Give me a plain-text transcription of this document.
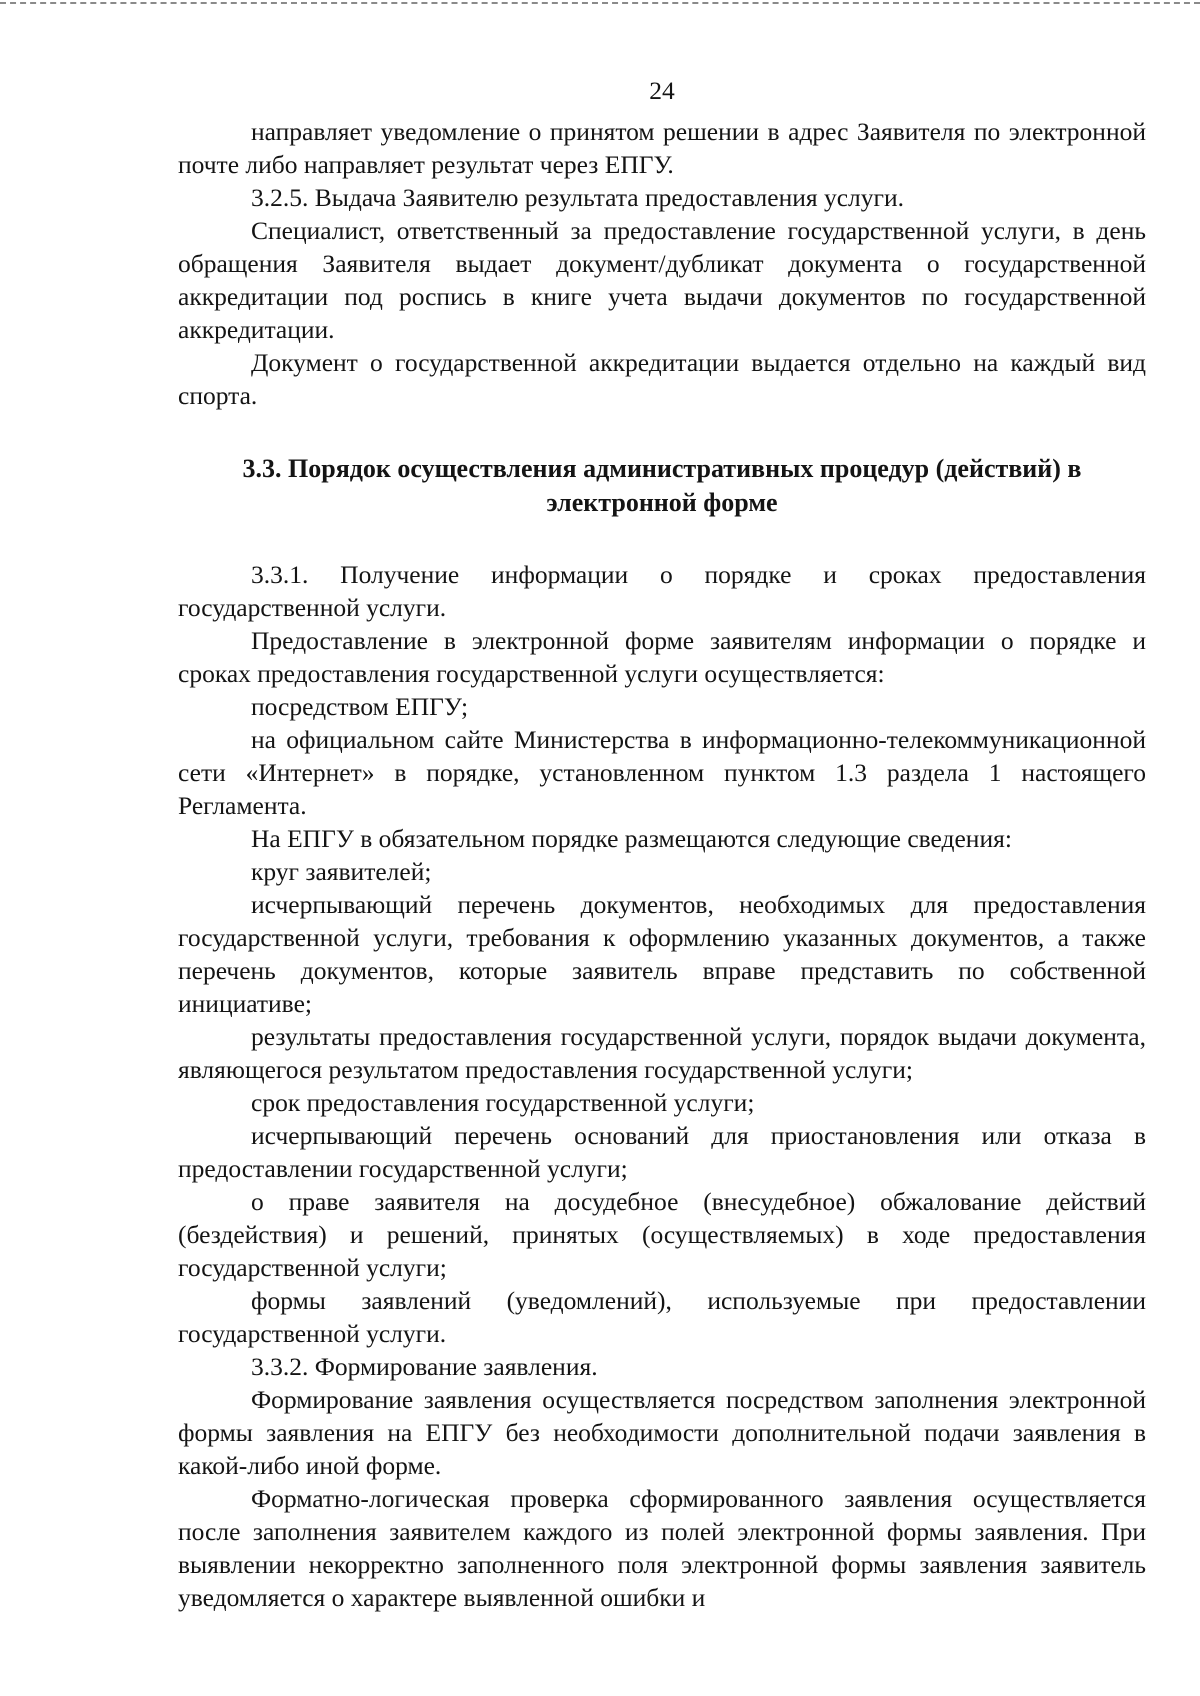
24

направляет уведомление о принятом решении в адрес Заявителя по электронной почте либо направляет результат через ЕПГУ.

3.2.5. Выдача Заявителю результата предоставления услуги.

Специалист, ответственный за предоставление государственной услуги, в день обращения Заявителя выдает документ/дубликат документа о государственной аккредитации под роспись в книге учета выдачи документов по государственной аккредитации.

Документ о государственной аккредитации выдается отдельно на каждый вид спорта.

3.3. Порядок осуществления административных процедур (действий) в электронной форме

3.3.1. Получение информации о порядке и сроках предоставления государственной услуги.

Предоставление в электронной форме заявителям информации о порядке и сроках предоставления государственной услуги осуществляется:

посредством ЕПГУ;

на официальном сайте Министерства в информационно-телекоммуникационной сети «Интернет» в порядке, установленном пунктом 1.3 раздела 1 настоящего Регламента.

На ЕПГУ в обязательном порядке размещаются следующие сведения:

круг заявителей;

исчерпывающий перечень документов, необходимых для предоставления государственной услуги, требования к оформлению указанных документов, а также перечень документов, которые заявитель вправе представить по собственной инициативе;

результаты предоставления государственной услуги, порядок выдачи документа, являющегося результатом предоставления государственной услуги;

срок предоставления государственной услуги;

исчерпывающий перечень оснований для приостановления или отказа в предоставлении государственной услуги;

о праве заявителя на досудебное (внесудебное) обжалование действий (бездействия) и решений, принятых (осуществляемых) в ходе предоставления государственной услуги;

формы заявлений (уведомлений), используемые при предоставлении государственной услуги.

3.3.2. Формирование заявления.

Формирование заявления осуществляется посредством заполнения электронной формы заявления на ЕПГУ без необходимости дополнительной подачи заявления в какой-либо иной форме.

Форматно-логическая проверка сформированного заявления осуществляется после заполнения заявителем каждого из полей электронной формы заявления. При выявлении некорректно заполненного поля электронной формы заявления заявитель уведомляется о характере выявленной ошибки и
